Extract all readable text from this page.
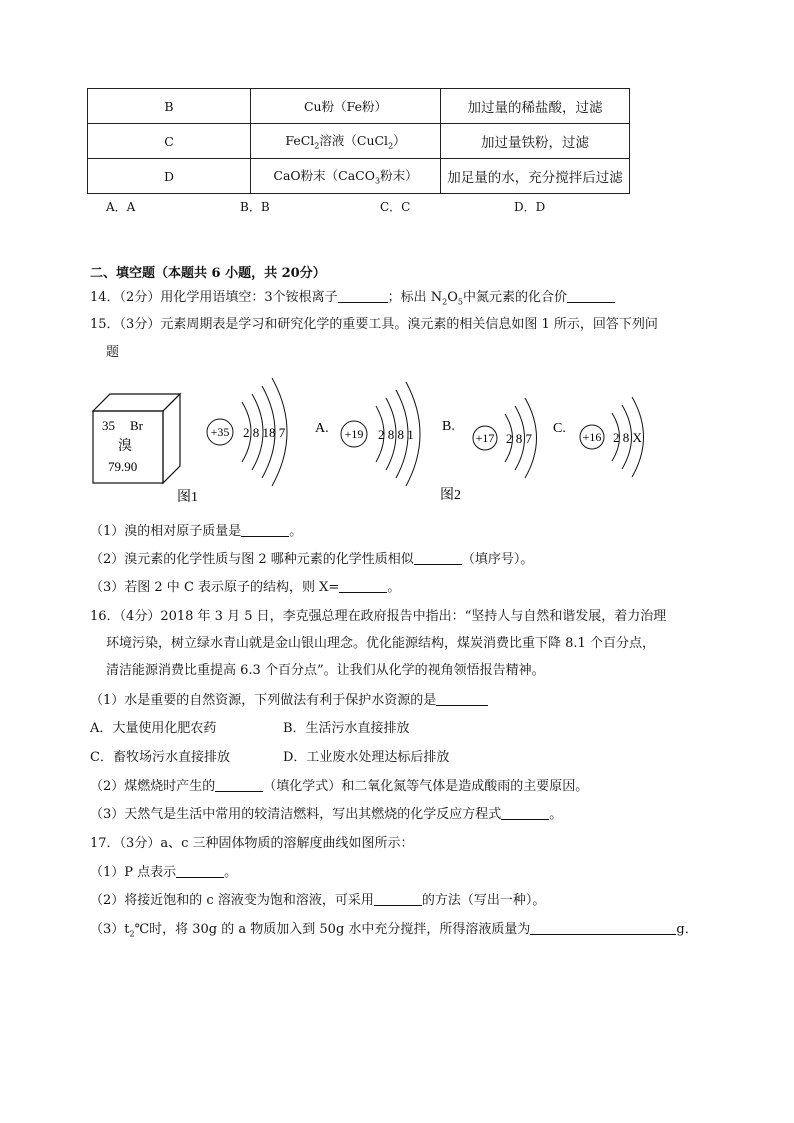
B	Cu粉（Fe粉）	加过量的稀盐酸，过滤
C	FeCl$_2$溶液（CuCl$_2$）	加过量铁粉，过滤
D	CaO粉末（CaCO$_3$粉末）	加足量的水，充分搅拌后过滤
A．A	B．B	C．C	D．D
二、填空题（本题共 6 小题，共 20分）
14．（2分）用化学用语填空：3个铵根离子	；标出 $N_2O_5$中氮元素的化合价
15．（3分）元素周期表是学习和研究化学的重要工具。溴元素的相关信息如图 1 所示，回答下列问
题
35 Br
溴
79.90
+35 2 8 18 7 A. +19 2 8 8 1
B.
+17 2 8 7
C.
+16 2 8 X
图1	图2
（1）溴的相对原子质量是	。
（2）溴元素的化学性质与图 2 哪种元素的化学性质相似	（填序号）。
（3）若图 2 中 C 表示原子的结构，则 X=	。
16．（4分）2018 年 3 月 5 日，李克强总理在政府报告中指出：“坚持人与自然和谐发展，着力治理
环境污染，树立绿水青山就是金山银山理念。优化能源结构，煤炭消费比重下降 8.1 个百分点，
清洁能源消费比重提高 6.3 个百分点”。让我们从化学的视角领悟报告精神。
（1）水是重要的自然资源，下列做法有利于保护水资源的是
A．大量使用化肥农药	B．生活污水直接排放
C．畜牧场污水直接排放	D．工业废水处理达标后排放
（2）煤燃烧时产生的	（填化学式）和二氧化氮等气体是造成酸雨的主要原因。
（3）天然气是生活中常用的较清洁燃料，写出其燃烧的化学反应方程式	。
17．（3分）a、c 三种固体物质的溶解度曲线如图所示：
（1）P 点表示	。
（2）将接近饱和的 c 溶液变为饱和溶液，可采用	的方法（写出一种）。
$(3)t_2℃$时，将 30g 的 a 物质加入到 50g 水中充分搅拌，所得溶液质量为	g．
